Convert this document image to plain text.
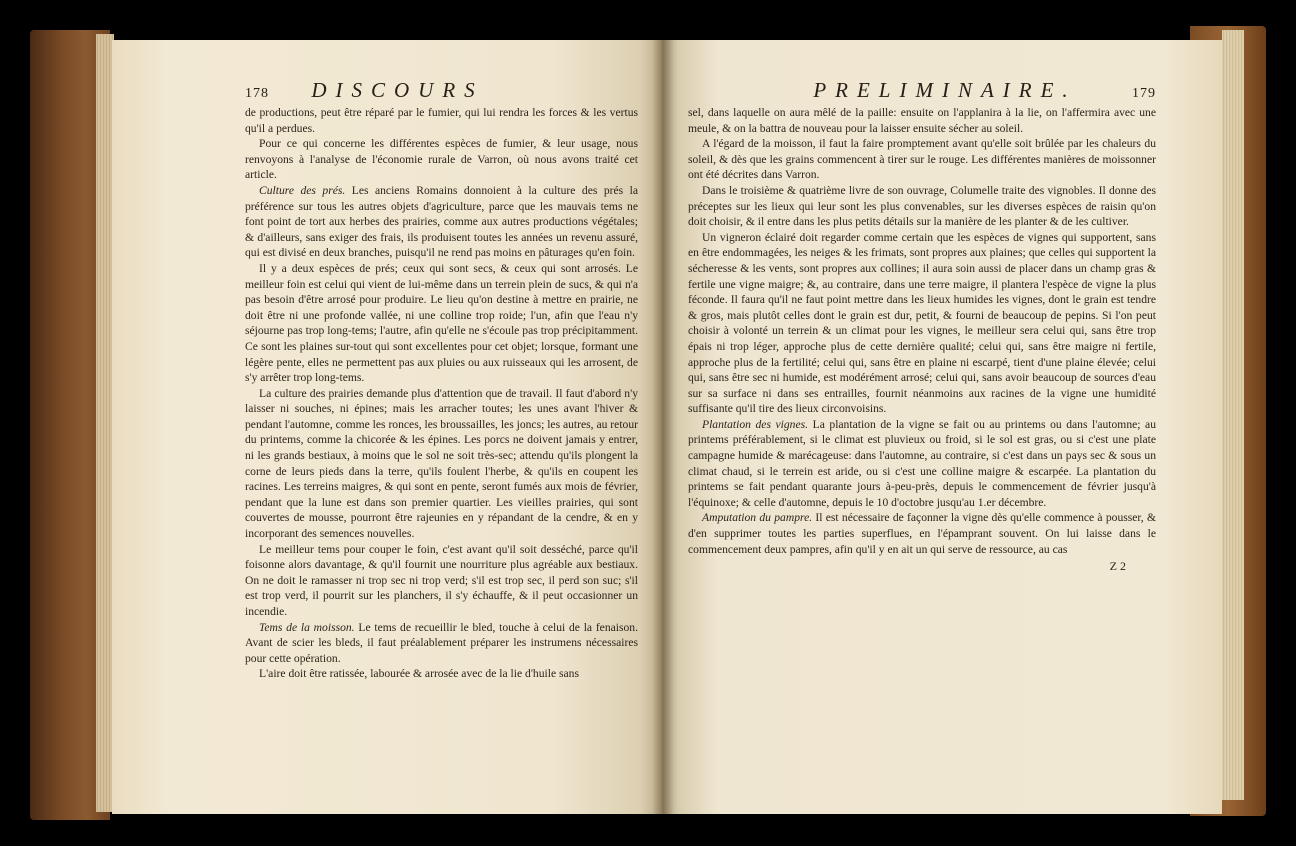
178 DISCOURS

de productions, peut être réparé par le fumier, qui lui rendra les forces & les vertus qu'il a perdues.

Pour ce qui concerne les différentes espèces de fumier, & leur usage, nous renvoyons à l'analyse de l'économie rurale de Varron, où nous avons traité cet article.

Culture des prés. Les anciens Romains donnoient à la culture des prés la préférence sur tous les autres objets d'agriculture, parce que les mauvais tems ne font point de tort aux herbes des prairies, comme aux autres productions végétales; & d'ailleurs, sans exiger des frais, ils produisent toutes les années un revenu assuré, qui est divisé en deux branches, puisqu'il ne rend pas moins en pâturages qu'en foin.

Il y a deux espèces de prés; ceux qui sont secs, & ceux qui sont arrosés. Le meilleur foin est celui qui vient de lui-même dans un terrein plein de sucs, & qui n'a pas besoin d'être arrosé pour produire. Le lieu qu'on destine à mettre en prairie, ne doit être ni une profonde vallée, ni une colline trop roide; l'un, afin que l'eau n'y séjourne pas trop long-tems; l'autre, afin qu'elle ne s'écoule pas trop précipitamment. Ce sont les plaines sur-tout qui sont excellentes pour cet objet; lorsque, formant une légère pente, elles ne permettent pas aux pluies ou aux ruisseaux qui les arrosent, de s'y arrêter trop long-tems.

La culture des prairies demande plus d'attention que de travail. Il faut d'abord n'y laisser ni souches, ni épines; mais les arracher toutes; les unes avant l'hiver & pendant l'automne, comme les ronces, les broussailles, les joncs; les autres, au retour du printems, comme la chicorée & les épines. Les porcs ne doivent jamais y entrer, ni les grands bestiaux, à moins que le sol ne soit très-sec; attendu qu'ils plongent la corne de leurs pieds dans la terre, qu'ils foulent l'herbe, & qu'ils en coupent les racines. Les terreins maigres, & qui sont en pente, seront fumés aux mois de février, pendant que la lune est dans son premier quartier. Les vieilles prairies, qui sont couvertes de mousse, pourront être rajeunies en y répandant de la cendre, & en y incorporant des semences nouvelles.

Le meilleur tems pour couper le foin, c'est avant qu'il soit desséché, parce qu'il foisonne alors davantage, & qu'il fournit une nourriture plus agréable aux bestiaux. On ne doit le ramasser ni trop sec ni trop verd; s'il est trop sec, il perd son suc; s'il est trop verd, il pourrit sur les planchers, il s'y échauffe, & il peut occasionner un incendie.

Tems de la moisson. Le tems de recueillir le bled, touche à celui de la fenaison. Avant de scier les bleds, il faut préalablement préparer les instrumens nécessaires pour cette opération.

L'aire doit être ratissée, labourée & arrosée avec de la lie d'huile sans

PRELIMINAIRE.	179

sel, dans laquelle on aura mêlé de la paille: ensuite on l'applanira à la lie, on l'affermira avec une meule, & on la battra de nouveau pour la laisser ensuite sécher au soleil.

A l'égard de la moisson, il faut la faire promptement avant qu'elle soit brûlée par les chaleurs du soleil, & dès que les grains commencent à tirer sur le rouge. Les différentes manières de moissonner ont été décrites dans Varron.

Dans le troisième & quatrième livre de son ouvrage, Columelle traite des vignobles. Il donne des préceptes sur les lieux qui leur sont les plus convenables, sur les diverses espèces de raisin qu'on doit choisir, & il entre dans les plus petits détails sur la manière de les planter & de les cultiver.

Un vigneron éclairé doit regarder comme certain que les espèces de vignes qui supportent, sans en être endommagées, les neiges & les frimats, sont propres aux plaines; que celles qui supportent la sécheresse & les vents, sont propres aux collines; il aura soin aussi de placer dans un champ gras & fertile une vigne maigre; &, au contraire, dans une terre maigre, il plantera l'espèce de vigne la plus féconde. Il faura qu'il ne faut point mettre dans les lieux humides les vignes, dont le grain est tendre & gros, mais plutôt celles dont le grain est dur, petit, & fourni de beaucoup de pepins. Si l'on peut choisir à volonté un terrein & un climat pour les vignes, le meilleur sera celui qui, sans être trop épais ni trop léger, approche plus de cette dernière qualité; celui qui, sans être maigre ni fertile, approche plus de la fertilité; celui qui, sans être en plaine ni escarpé, tient d'une plaine élevée; celui qui, sans être sec ni humide, est modérément arrosé; celui qui, sans avoir beaucoup de sources d'eau sur sa surface ni dans ses entrailles, fournit néanmoins aux racines de la vigne une humidité suffisante qu'il tire des lieux circonvoisins.

Plantation des vignes. La plantation de la vigne se fait ou au printems ou dans l'automne; au printems préférablement, si le climat est pluvieux ou froid, si le sol est gras, ou si c'est une plate campagne humide & marécageuse: dans l'automne, au contraire, si c'est dans un pays sec & sous un climat chaud, si le terrein est aride, ou si c'est une colline maigre & escarpée. La plantation du printems se fait pendant quarante jours à-peu-près, depuis le commencement de février jusqu'à l'équinoxe; & celle d'automne, depuis le 10 d'octobre jusqu'au 1.er décembre.

Amputation du pampre. Il est nécessaire de façonner la vigne dès qu'elle commence à pousser, & d'en supprimer toutes les parties superflues, en l'épamprant souvent. On lui laisse dans le commencement deux pampres, afin qu'il y en ait un qui serve de ressource, au cas

Z 2
